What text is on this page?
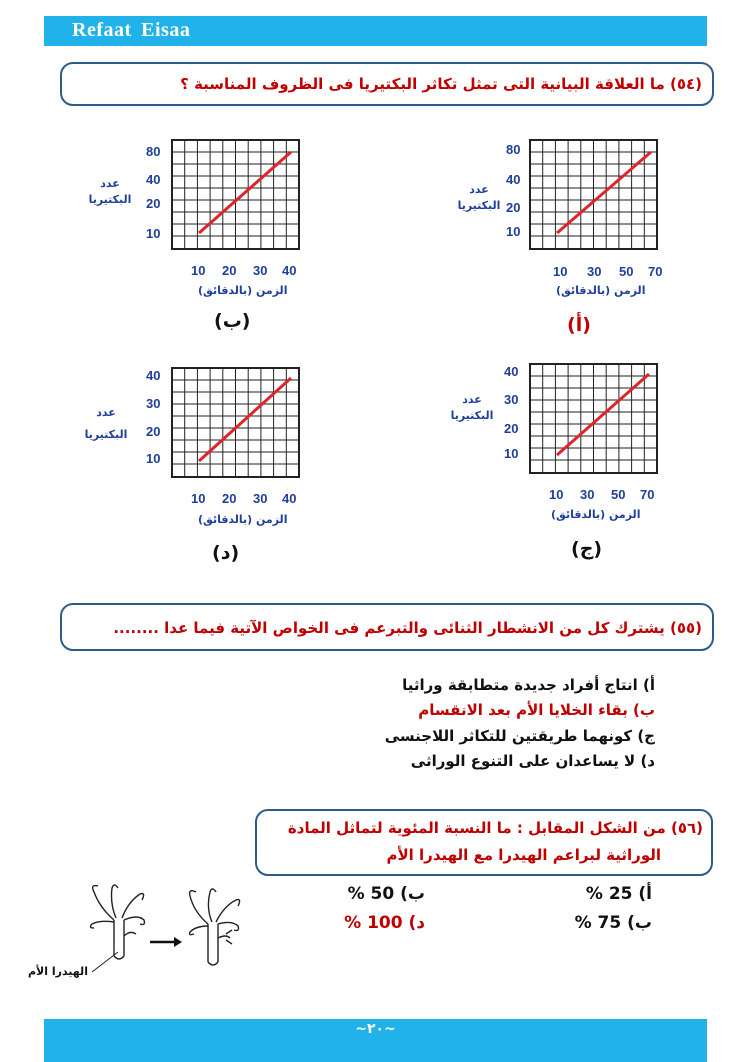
Refaat Eisaa
(٥٤) ما العلاقة البيانية التى تمثل تكاثر البكتيريا فى الظروف المناسبة ؟
80
40
20
10
عدد
البكتيريا
10 30 50 70
الزمن (بالدقائق)
(أ)
80
40
20
10
عدد
البكتيريا
10 20 30 40
الزمن (بالدقائق)
(ب)
40
30
20
10
عدد
البكتيريا
10 30 50 70
الزمن (بالدقائق)
(ج)
40
30
20
10
عدد
البكتيريا
10 20 30 40
الزمن (بالدقائق)
(د)
(٥٥) يشترك كل من الانشطار الثنائى والتبرعم فى الخواص الآتية فيما عدا ........
أ) انتاج أفراد جديدة متطابقة وراثيا
ب) بقاء الخلايا الأم بعد الانقسام
ج) كونهما طريقتين للتكاثر اللاجنسى
د) لا يساعدان على التنوع الوراثى
(٥٦) من الشكل المقابل : ما النسبة المئوية لتماثل المادة
الوراثية لبراعم الهيدرا مع الهيدرا الأم
أ) 25 %
ب) 50 %
ب) 75 %
د) 100 %
الهيدرا الأم
~٢٠~
